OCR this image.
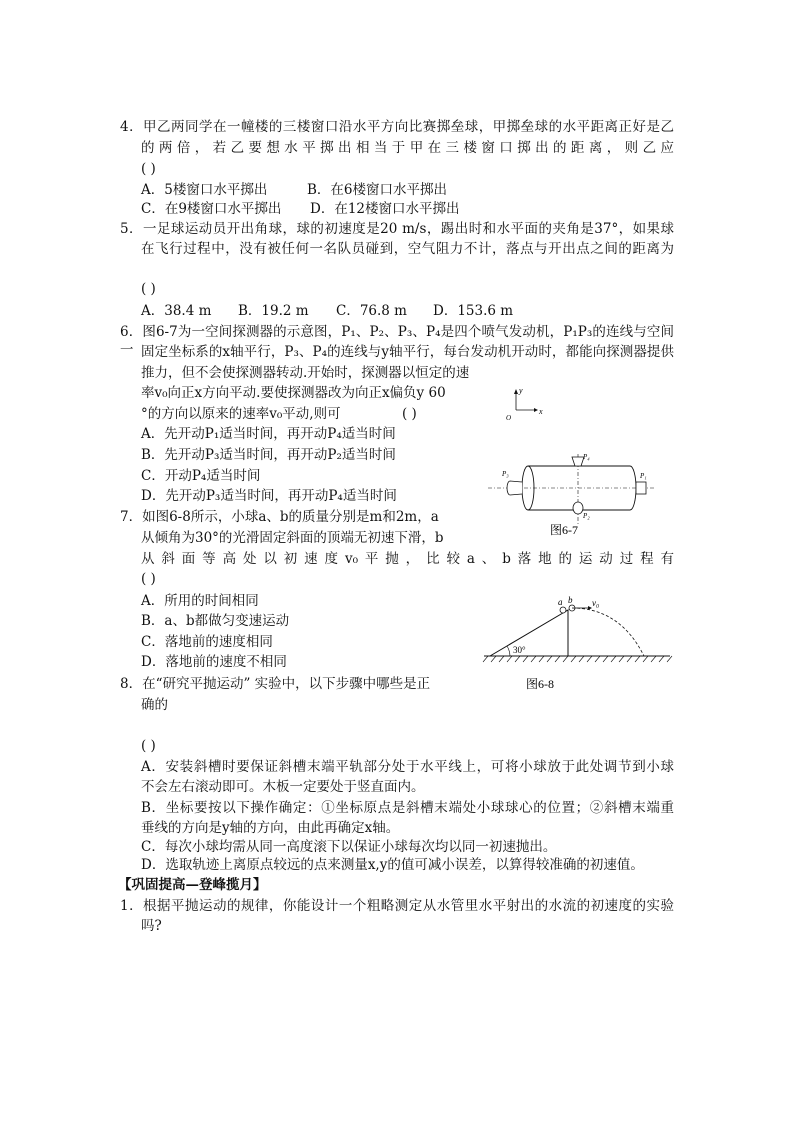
4．甲乙两同学在一幢楼的三楼窗口沿水平方向比赛掷垒球，甲掷垒球的水平距离正好是乙
的两倍，若乙要想水平掷出相当于甲在三楼窗口掷出的距离，则乙应
( )
A．5楼窗口水平掷出	B．在6楼窗口水平掷出
C．在9楼窗口水平掷出 D．在12楼窗口水平掷出
5．一足球运动员开出角球，球的初速度是20 m/s，踢出时和水平面的夹角是37°，如果球
在飞行过程中，没有被任何一名队员碰到，空气阻力不计，落点与开出点之间的距离为
( )
A．38.4 m B．19.2 m C．76.8 m D．153.6 m
6．图6-7为一空间探测器的示意图，P₁、P₂、P₃、P₄是四个喷气发动机，P₁P₃的连线与空间一 固定坐标系的x轴平行，P₃、P₄的连线与y轴平行，每台发动机开动时，都能向探测器提供
推力，但不会使探测器转动.开始时，探测器以恒定的速
率v₀向正x方向平动.要使探测器改为向正x偏负y 60
°的方向以原来的速率v₀平动,则可	( )
A．先开动P₁适当时间，再开动P₄适当时间
B．先开动P₃适当时间，再开动P₂适当时间
C．开动P₄适当时间
D．先开动P₃适当时间，再开动P₄适当时间
x
y
O
P₃	P₁
P₄
P₂
图6-7
7．如图6-8所示，小球a、b的质量分别是m和2m，a
从倾角为30°的光滑固定斜面的顶端无初速下滑，b
从斜面等高处以初速度v₀平抛，比较a、b落地的运动过程有
( )
A．所用的时间相同
B．a、b都做匀变速运动
C．落地前的速度相同
D．落地前的速度不相同
30°
a b v₀
图6-8
8．在“研究平抛运动” 实验中，以下步骤中哪些是正
确的
( )
A．安装斜槽时要保证斜槽末端平轨部分处于水平线上，可将小球放于此处调节到小球
不会左右滚动即可。木板一定要处于竖直面内。
B．坐标要按以下操作确定：①坐标原点是斜槽末端处小球球心的位置；②斜槽末端重
垂线的方向是y轴的方向，由此再确定x轴。
C．每次小球均需从同一高度滚下以保证小球每次均以同一初速抛出。
D．选取轨迹上离原点较远的点来测量x,y的值可减小误差，以算得较准确的初速值。
【巩固提高—登峰揽月】
1．根据平抛运动的规律，你能设计一个粗略测定从水管里水平射出的水流的初速度的实验
吗?
